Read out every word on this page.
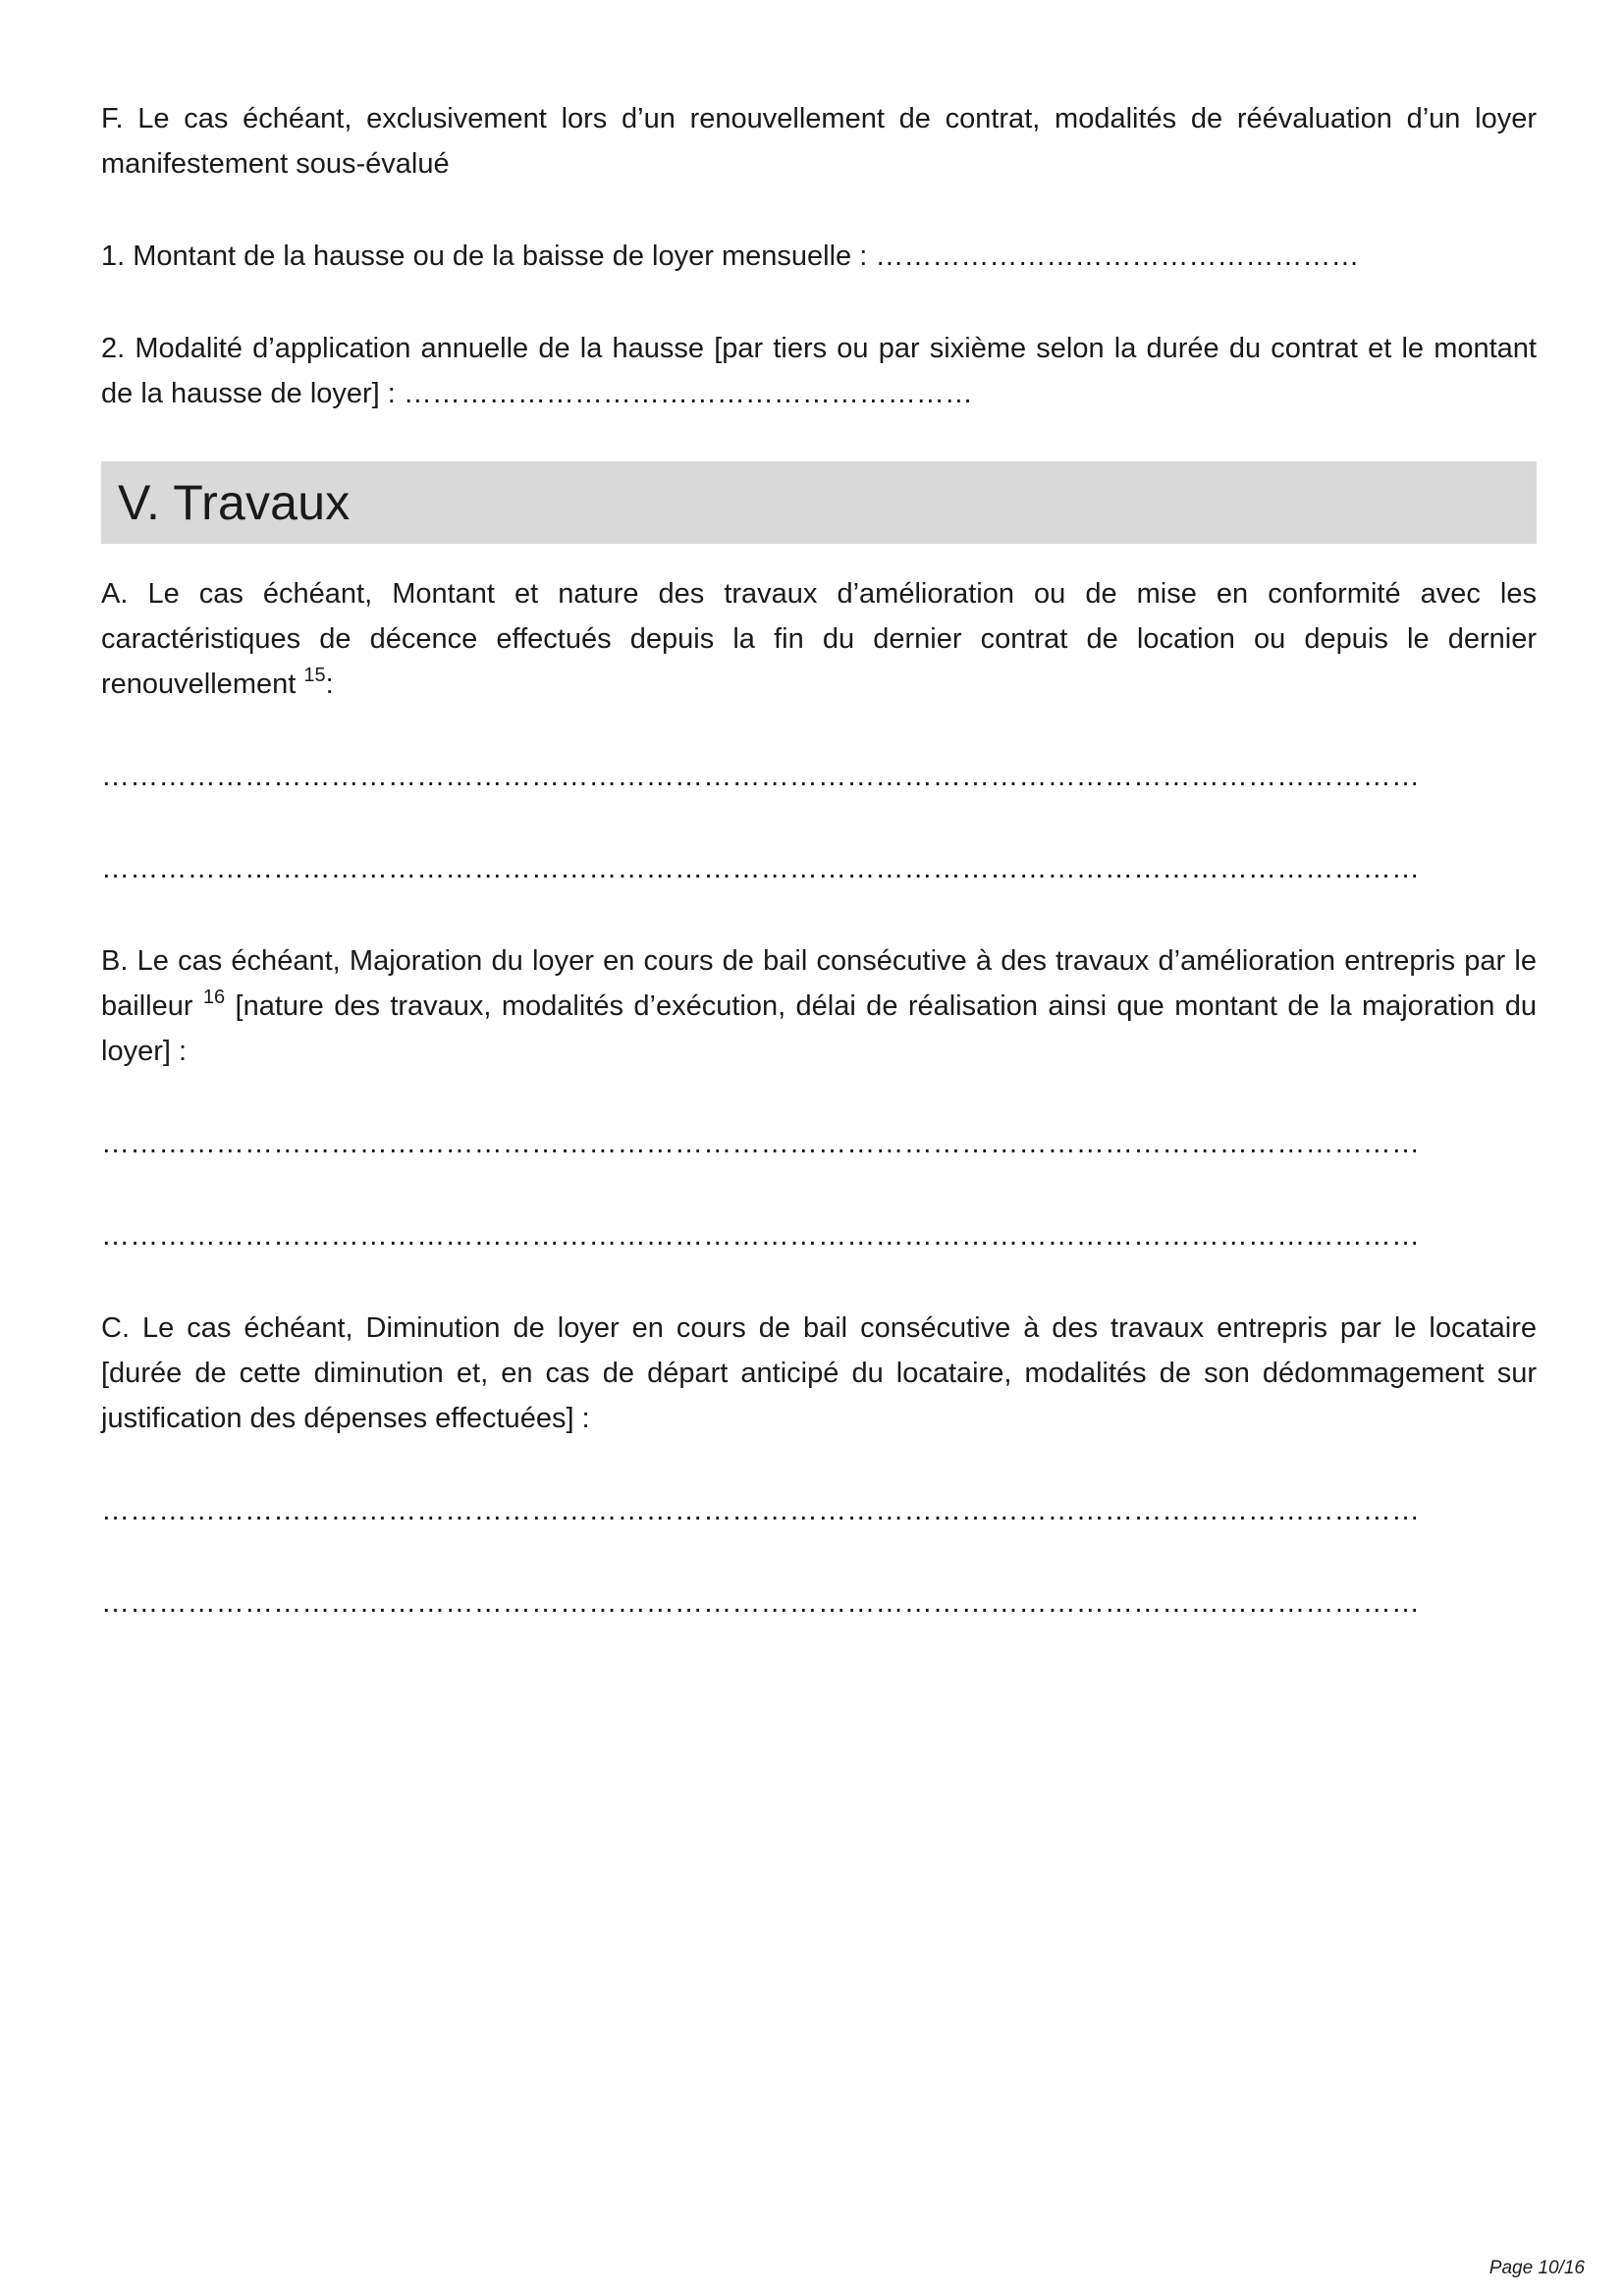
F. Le cas échéant, exclusivement lors d’un renouvellement de contrat, modalités de réévaluation d’un loyer manifestement sous-évalué

1. Montant de la hausse ou de la baisse de loyer mensuelle : ……………………………………………

2. Modalité d’application annuelle de la hausse [par tiers ou par sixième selon la durée du contrat et le montant de la hausse de loyer] : ……………………………………………………

V. Travaux

A. Le cas échéant, Montant et nature des travaux d’amélioration ou de mise en conformité avec les caractéristiques de décence effectués depuis la fin du dernier contrat de location ou depuis le dernier renouvellement $^{15}$:

…………………………………………………………………………………………………………………………
…………………………………………………………………………………………………………………………

B. Le cas échéant, Majoration du loyer en cours de bail consécutive à des travaux d’amélioration entrepris par le bailleur $^{16}$ [nature des travaux, modalités d’exécution, délai de réalisation ainsi que montant de la majoration du loyer] :

…………………………………………………………………………………………………………………………
…………………………………………………………………………………………………………………………

C. Le cas échéant, Diminution de loyer en cours de bail consécutive à des travaux entrepris par le locataire [durée de cette diminution et, en cas de départ anticipé du locataire, modalités de son dédommagement sur justification des dépenses effectuées] :

…………………………………………………………………………………………………………………………
…………………………………………………………………………………………………………………………
Page 10/16
